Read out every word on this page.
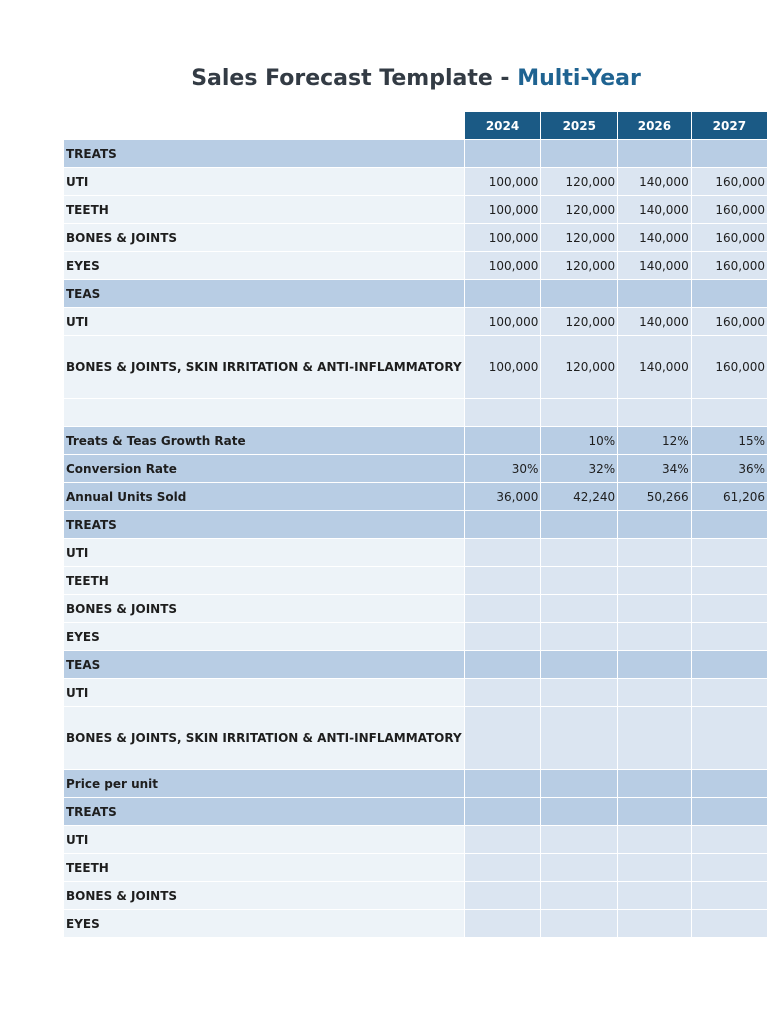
Sales Forecast Template - Multi-Year
	2024	2025	2026	2027
TREATS				
UTI	100,000	120,000	140,000	160,000
TEETH	100,000	120,000	140,000	160,000
BONES & JOINTS	100,000	120,000	140,000	160,000
EYES	100,000	120,000	140,000	160,000
TEAS				
UTI	100,000	120,000	140,000	160,000
BONES & JOINTS, SKIN IRRITATION & ANTI-INFLAMMATORY	100,000	120,000	140,000	160,000

Treats & Teas Growth Rate		10%	12%	15%
Conversion Rate	30%	32%	34%	36%
Annual Units Sold	36,000	42,240	50,266	61,206
TREATS				
UTI				
TEETH				
BONES & JOINTS				
EYES				
TEAS				
UTI				
BONES & JOINTS, SKIN IRRITATION & ANTI-INFLAMMATORY				
Price per unit				
TREATS				
UTI				
TEETH				
BONES & JOINTS				
EYES				
